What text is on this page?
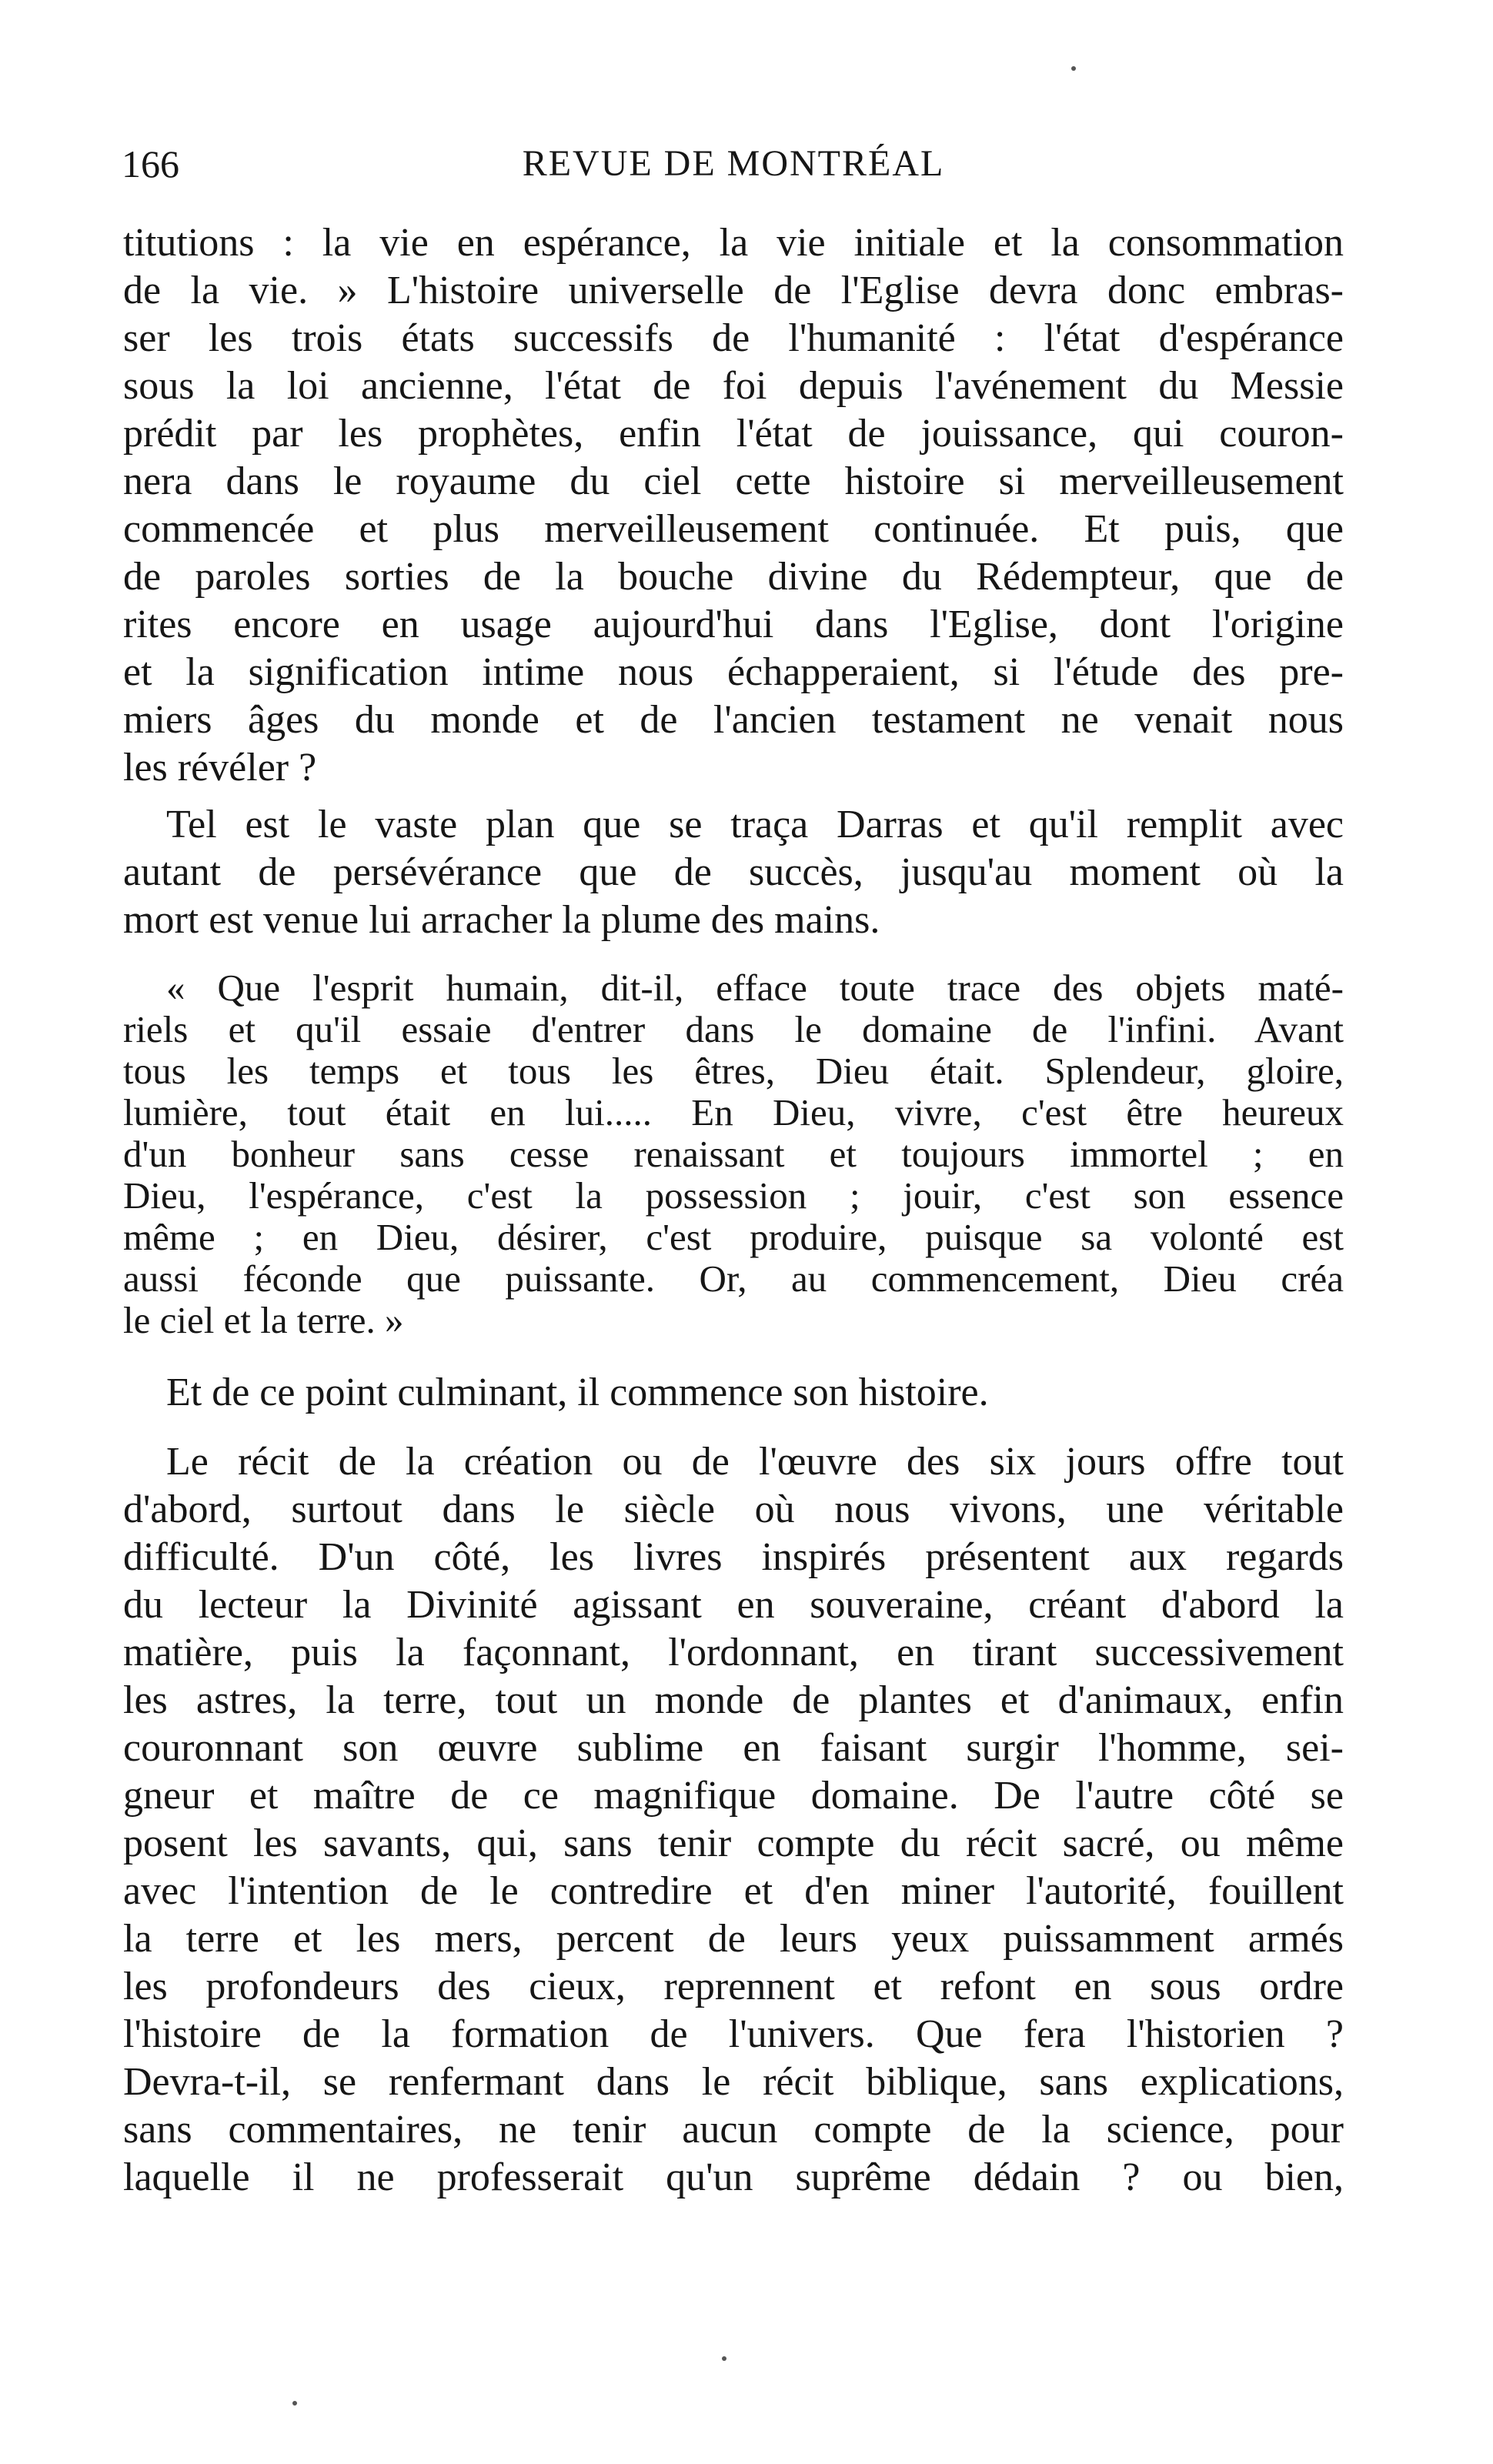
166	REVUE DE MONTRÉAL
titutions : la vie en espérance, la vie initiale et la consommation
de la vie. » L'histoire universelle de l'Eglise devra donc embras-
ser les trois états successifs de l'humanité : l'état d'espérance
sous la loi ancienne, l'état de foi depuis l'avénement du Messie
prédit par les prophètes, enfin l'état de jouissance, qui couron-
nera dans le royaume du ciel cette histoire si merveilleusement
commencée et plus merveilleusement continuée. Et puis, que
de paroles sorties de la bouche divine du Rédempteur, que de
rites encore en usage aujourd'hui dans l'Eglise, dont l'origine
et la signification intime nous échapperaient, si l'étude des pre-
miers âges du monde et de l'ancien testament ne venait nous
les révéler ?
Tel est le vaste plan que se traça Darras et qu'il remplit avec
autant de persévérance que de succès, jusqu'au moment où la
mort est venue lui arracher la plume des mains.
« Que l'esprit humain, dit-il, efface toute trace des objets maté-
riels et qu'il essaie d'entrer dans le domaine de l'infini. Avant
tous les temps et tous les êtres, Dieu était. Splendeur, gloire,
lumière, tout était en lui..... En Dieu, vivre, c'est être heureux
d'un bonheur sans cesse renaissant et toujours immortel ; en
Dieu, l'espérance, c'est la possession ; jouir, c'est son essence
même ; en Dieu, désirer, c'est produire, puisque sa volonté est
aussi féconde que puissante. Or, au commencement, Dieu créa
le ciel et la terre. »
Et de ce point culminant, il commence son histoire.
Le récit de la création ou de l'œuvre des six jours offre tout
d'abord, surtout dans le siècle où nous vivons, une véritable
difficulté. D'un côté, les livres inspirés présentent aux regards
du lecteur la Divinité agissant en souveraine, créant d'abord la
matière, puis la façonnant, l'ordonnant, en tirant successivement
les astres, la terre, tout un monde de plantes et d'animaux, enfin
couronnant son œuvre sublime en faisant surgir l'homme, sei-
gneur et maître de ce magnifique domaine. De l'autre côté se
posent les savants, qui, sans tenir compte du récit sacré, ou même
avec l'intention de le contredire et d'en miner l'autorité, fouillent
la terre et les mers, percent de leurs yeux puissamment armés
les profondeurs des cieux, reprennent et refont en sous ordre
l'histoire de la formation de l'univers. Que fera l'historien ?
Devra-t-il, se renfermant dans le récit biblique, sans explications,
sans commentaires, ne tenir aucun compte de la science, pour
laquelle il ne professerait qu'un suprême dédain ? ou bien,
